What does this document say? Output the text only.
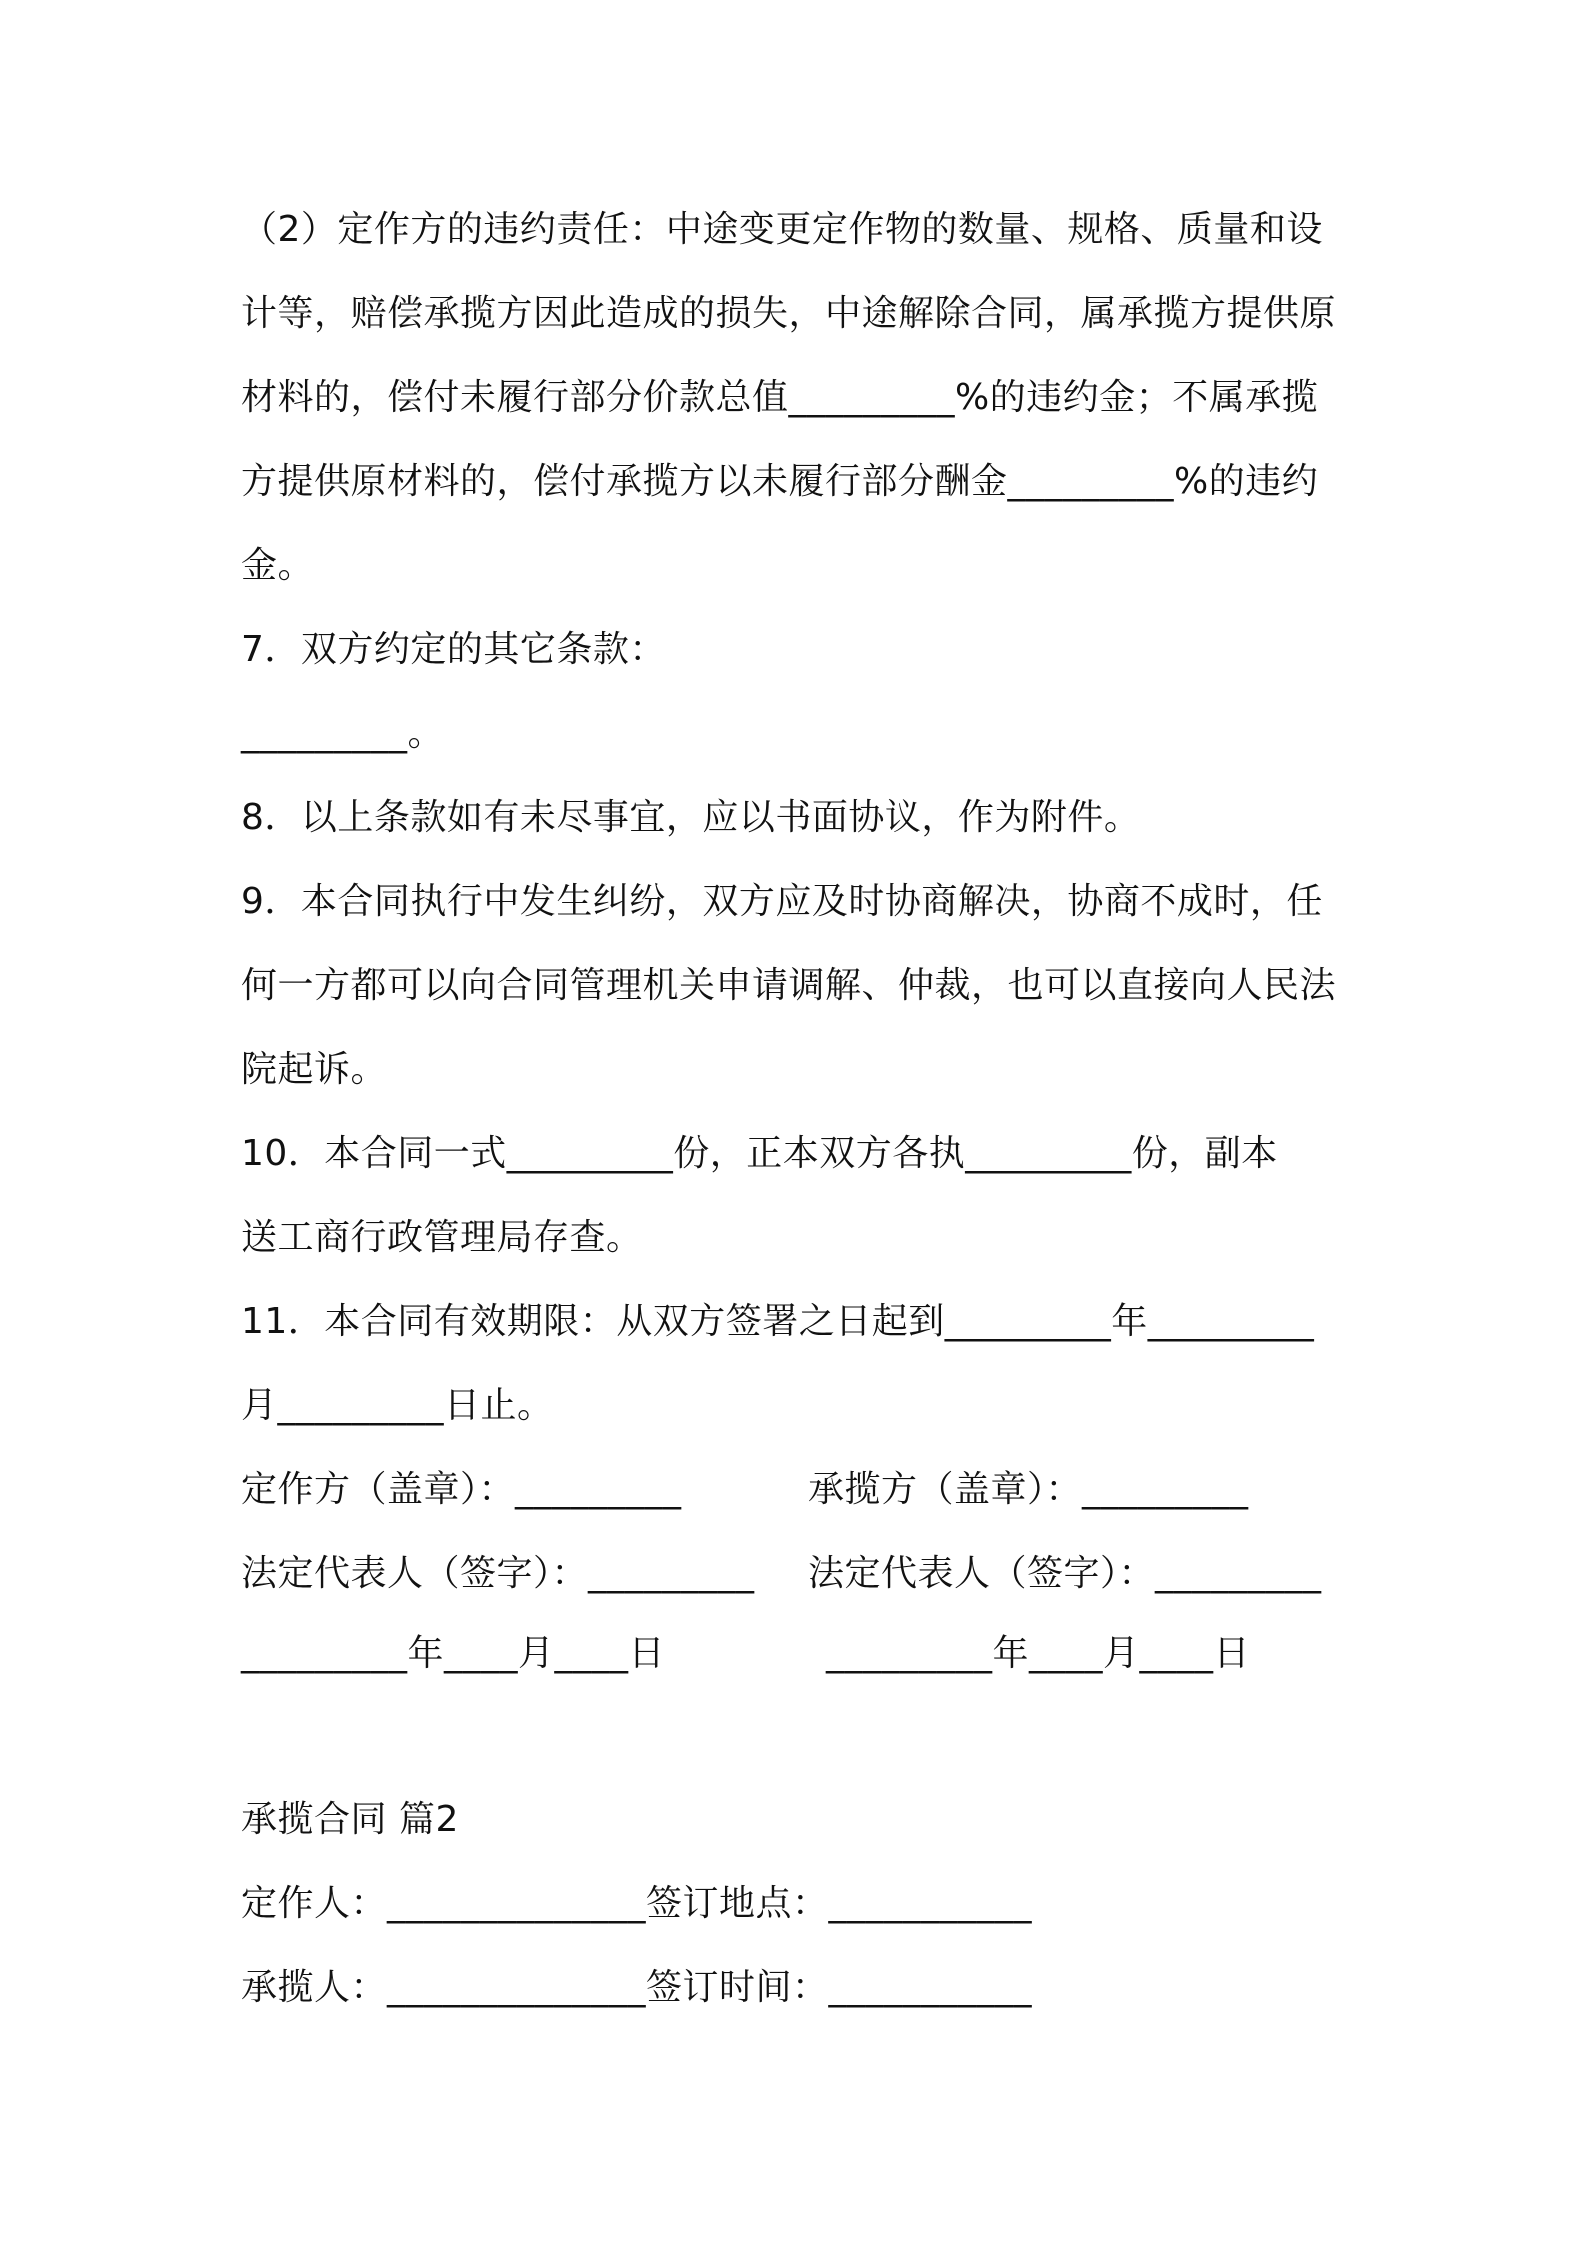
（2）定作方的违约责任：中途变更定作物的数量、规格、质量和设
计等，赔偿承揽方因此造成的损失，中途解除合同，属承揽方提供原
材料的，偿付未履行部分价款总值_________%的违约金；不属承揽
方提供原材料的，偿付承揽方以未履行部分酬金_________%的违约
金。
7．双方约定的其它条款：
_________。
8．以上条款如有未尽事宜，应以书面协议，作为附件。
9．本合同执行中发生纠纷，双方应及时协商解决，协商不成时，任
何一方都可以向合同管理机关申请调解、仲裁，也可以直接向人民法
院起诉。
10．本合同一式_________份，正本双方各执_________份，副本
送工商行政管理局存查。
11．本合同有效期限：从双方签署之日起到_________年_________
月_________日止。
定作方（盖章）：_________	承揽方（盖章）：_________
法定代表人（签字）：_________	法定代表人（签字）：_________
_________年____月____日	_________年____月____日
承揽合同 篇2
定作人：______________签订地点：___________
承揽人：______________签订时间：___________
